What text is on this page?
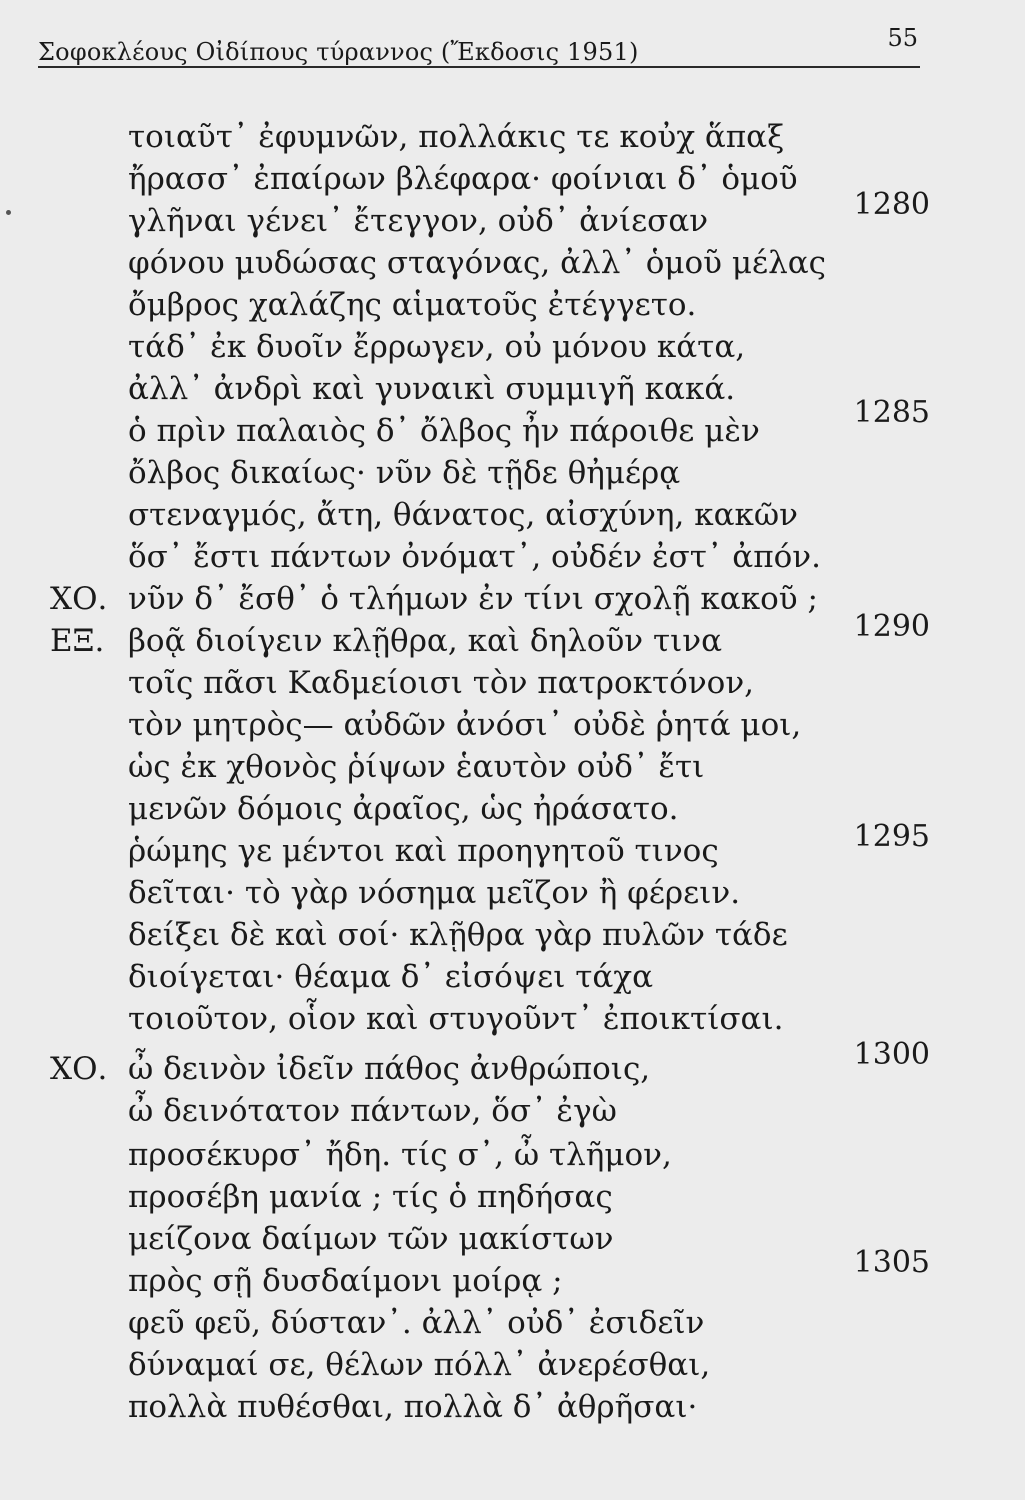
Σοφοκλέους Οἰδίπους τύραννος (Ἔκδοσις 1951)	55
τοιαῦτ᾽ ἐφυμνῶν, πολλάκις τε κοὐχ ἅπαξ
ἤρασσ᾽ ἐπαίρων βλέφαρα· φοίνιαι δ᾽ ὁμοῦ
γλῆναι γένει᾽ ἔτεγγον, οὐδ᾽ ἀνίεσαν
φόνου μυδώσας σταγόνας, ἀλλ᾽ ὁμοῦ μέλας
ὄμβρος χαλάζης αἱματοῦς ἐτέγγετο.
τάδ᾽ ἐκ δυοῖν ἔρρωγεν, οὐ μόνου κάτα,
ἀλλ᾽ ἀνδρὶ καὶ γυναικὶ συμμιγῆ κακά.
ὁ πρὶν παλαιὸς δ᾽ ὄλβος ἦν πάροιθε μὲν
ὄλβος δικαίως· νῦν δὲ τῇδε θἠμέρᾳ
στεναγμός, ἄτη, θάνατος, αἰσχύνη, κακῶν
ὅσ᾽ ἔστι πάντων ὀνόματ᾽, οὐδέν ἐστ᾽ ἀπόν.
νῦν δ᾽ ἔσθ᾽ ὁ τλήμων ἐν τίνι σχολῇ κακοῦ ;
βοᾷ διοίγειν κλῇθρα, καὶ δηλοῦν τινα
τοῖς πᾶσι Καδμείοισι τὸν πατροκτόνον,
τὸν μητρὸς— αὐδῶν ἀνόσι᾽ οὐδὲ ῥητά μοι,
ὡς ἐκ χθονὸς ῥίψων ἑαυτὸν οὐδ᾽ ἔτι
μενῶν δόμοις ἀραῖος, ὡς ἠράσατο.
ῥώμης γε μέντοι καὶ προηγητοῦ τινος
δεῖται· τὸ γὰρ νόσημα μεῖζον ἢ φέρειν.
δείξει δὲ καὶ σοί· κλῇθρα γὰρ πυλῶν τάδε
διοίγεται· θέαμα δ᾽ εἰσόψει τάχα
τοιοῦτον, οἷον καὶ στυγοῦντ᾽ ἐποικτίσαι.
ὦ δεινὸν ἰδεῖν πάθος ἀνθρώποις,
ὦ δεινότατον πάντων, ὅσ᾽ ἐγὼ
προσέκυρσ᾽ ἤδη. τίς σ᾽, ὦ τλῆμον,
προσέβη μανία ; τίς ὁ πηδήσας
μείζονα δαίμων τῶν μακίστων
πρὸς σῇ δυσδαίμονι μοίρᾳ ;
φεῦ φεῦ, δύσταν᾽. ἀλλ᾽ οὐδ᾽ ἐσιδεῖν
δύναμαί σε, θέλων πόλλ᾽ ἀνερέσθαι,
πολλὰ πυθέσθαι, πολλὰ δ᾽ ἀθρῆσαι·
ΧΟ.
ΕΞ.
ΧΟ.
1280
1285
1290
1295
1300
1305
